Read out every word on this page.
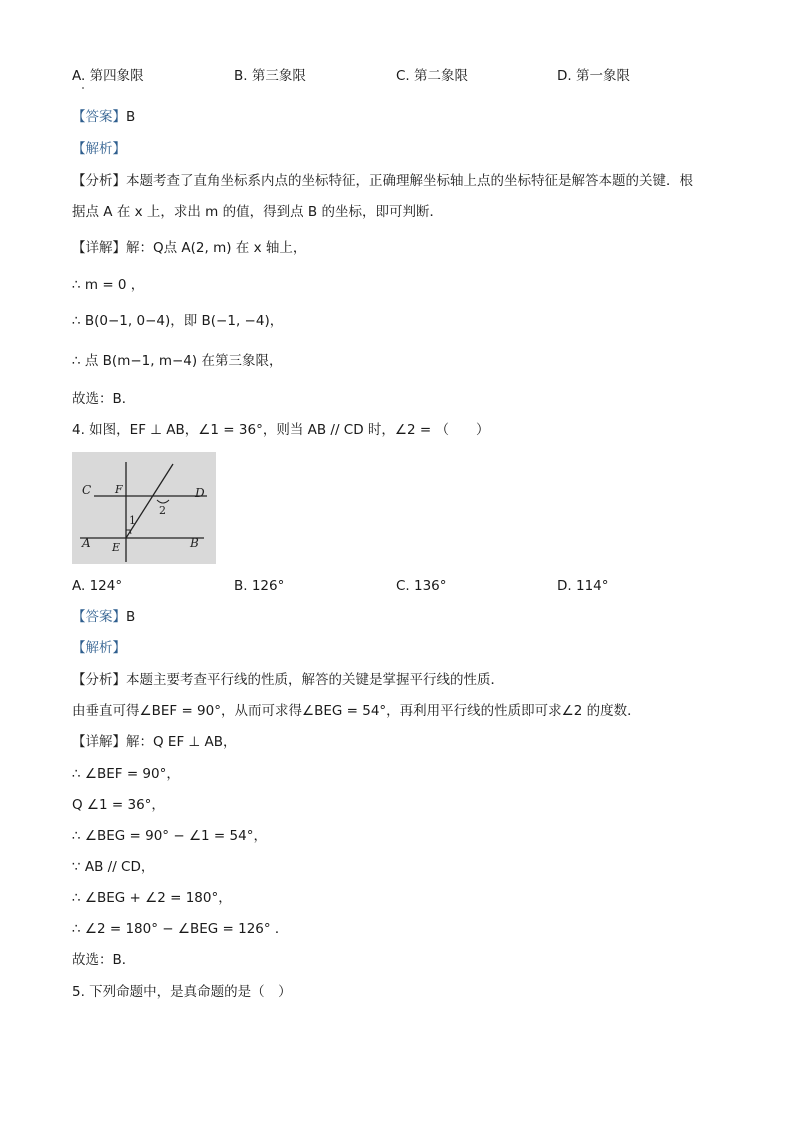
A. 第四象限	B. 第三象限	C. 第二象限	D. 第一象限
【答案】B
【解析】
【分析】本题考查了直角坐标系内点的坐标特征，正确理解坐标轴上点的坐标特征是解答本题的关键．根
据点 A 在 x 上，求出 m 的值，得到点 B 的坐标，即可判断．
【详解】解：Q点 A(2, m) 在 x 轴上，
∴ m = 0 ，
∴ B(0−1, 0−4)，即 B(−1, −4)，
∴ 点 B(m−1, m−4) 在第三象限，
故选：B．
4. 如图，EF ⊥ AB，∠1 = 36°，则当 AB // CD 时，∠2 = （　　）
C F	D
2
1
A E	B
A. 124°	B. 126°	C. 136°	D. 114°
【答案】B
【解析】
【分析】本题主要考查平行线的性质，解答的关键是掌握平行线的性质．
由垂直可得∠BEF = 90°，从而可求得∠BEG = 54°，再利用平行线的性质即可求∠2 的度数．
【详解】解：Q EF ⊥ AB，
∴ ∠BEF = 90°，
Q ∠1 = 36°，
∴ ∠BEG = 90° − ∠1 = 54°，
∵ AB // CD，
∴ ∠BEG + ∠2 = 180°，
∴ ∠2 = 180° − ∠BEG = 126° ．
故选：B．
5. 下列命题中，是真命题的是（　）
